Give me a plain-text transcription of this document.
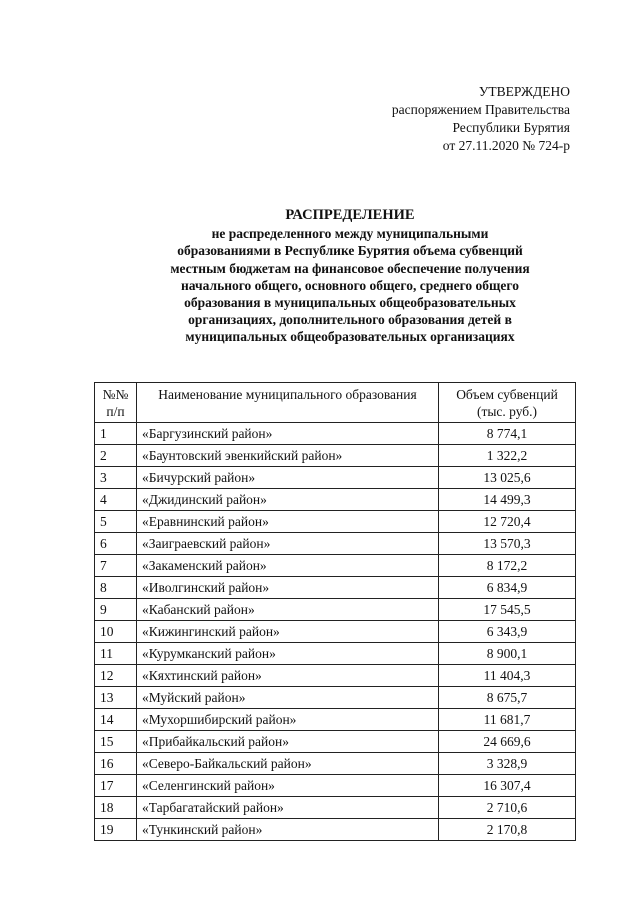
УТВЕРЖДЕНО
распоряжением Правительства
Республики Бурятия
от 27.11.2020 № 724-р
РАСПРЕДЕЛЕНИЕ
не распределенного между муниципальными образованиями в Республике Бурятия объема субвенций местным бюджетам на финансовое обеспечение получения начального общего, основного общего, среднего общего образования в муниципальных общеобразовательных организациях, дополнительного образования детей в муниципальных общеобразовательных организациях
№№ п/п	Наименование муниципального образования	Объем субвенций (тыс. руб.)
1	«Баргузинский район»	8 774,1
2	«Баунтовский эвенкийский район»	1 322,2
3	«Бичурский район»	13 025,6
4	«Джидинский район»	14 499,3
5	«Еравнинский район»	12 720,4
6	«Заиграевский район»	13 570,3
7	«Закаменский район»	8 172,2
8	«Иволгинский район»	6 834,9
9	«Кабанский район»	17 545,5
10	«Кижингинский район»	6 343,9
11	«Курумканский район»	8 900,1
12	«Кяхтинский район»	11 404,3
13	«Муйский район»	8 675,7
14	«Мухоршибирский район»	11 681,7
15	«Прибайкальский район»	24 669,6
16	«Северо-Байкальский район»	3 328,9
17	«Селенгинский район»	16 307,4
18	«Тарбагатайский район»	2 710,6
19	«Тункинский район»	2 170,8
